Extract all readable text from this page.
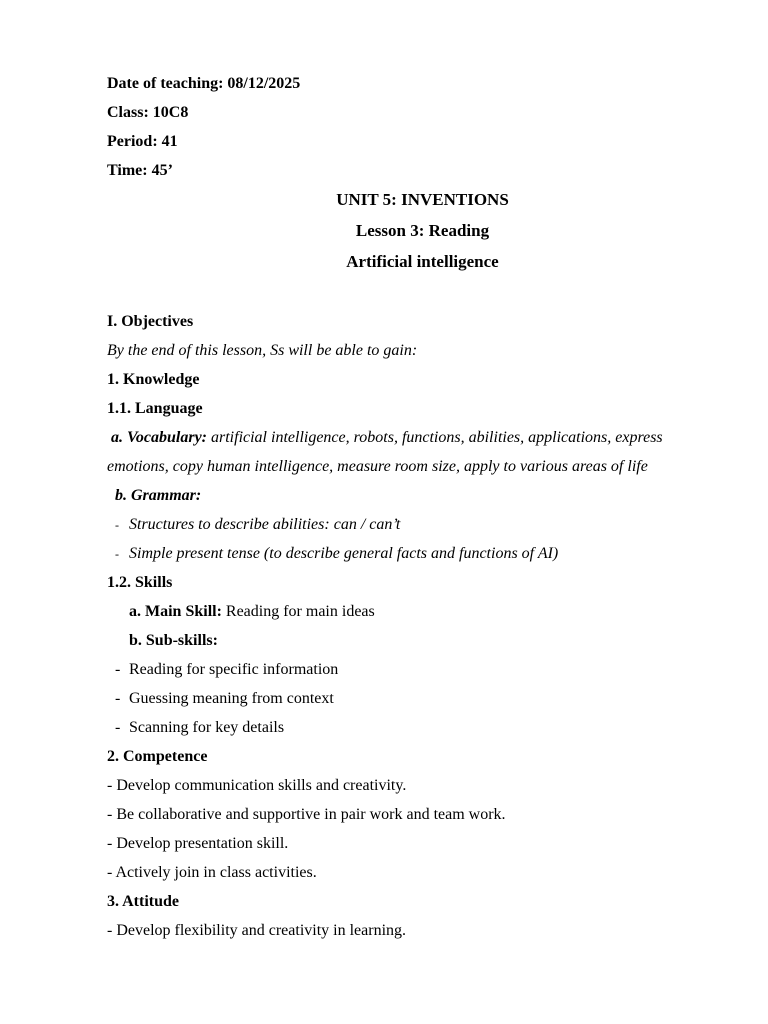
Date of teaching: 08/12/2025
Class: 10C8
Period: 41
Time: 45’
UNIT 5: INVENTIONS
Lesson 3: Reading
Artificial intelligence
I. Objectives
By the end of this lesson, Ss will be able to gain:
1. Knowledge
1.1. Language
a. Vocabulary: artificial intelligence, robots, functions, abilities, applications, express
emotions, copy human intelligence, measure room size, apply to various areas of life
b. Grammar:
- Structures to describe abilities: can / can’t
- Simple present tense (to describe general facts and functions of AI)
1.2. Skills
a. Main Skill: Reading for main ideas
b. Sub-skills:
- Reading for specific information
- Guessing meaning from context
- Scanning for key details
2. Competence
- Develop communication skills and creativity.
- Be collaborative and supportive in pair work and team work.
- Develop presentation skill.
- Actively join in class activities.
3. Attitude
- Develop flexibility and creativity in learning.
